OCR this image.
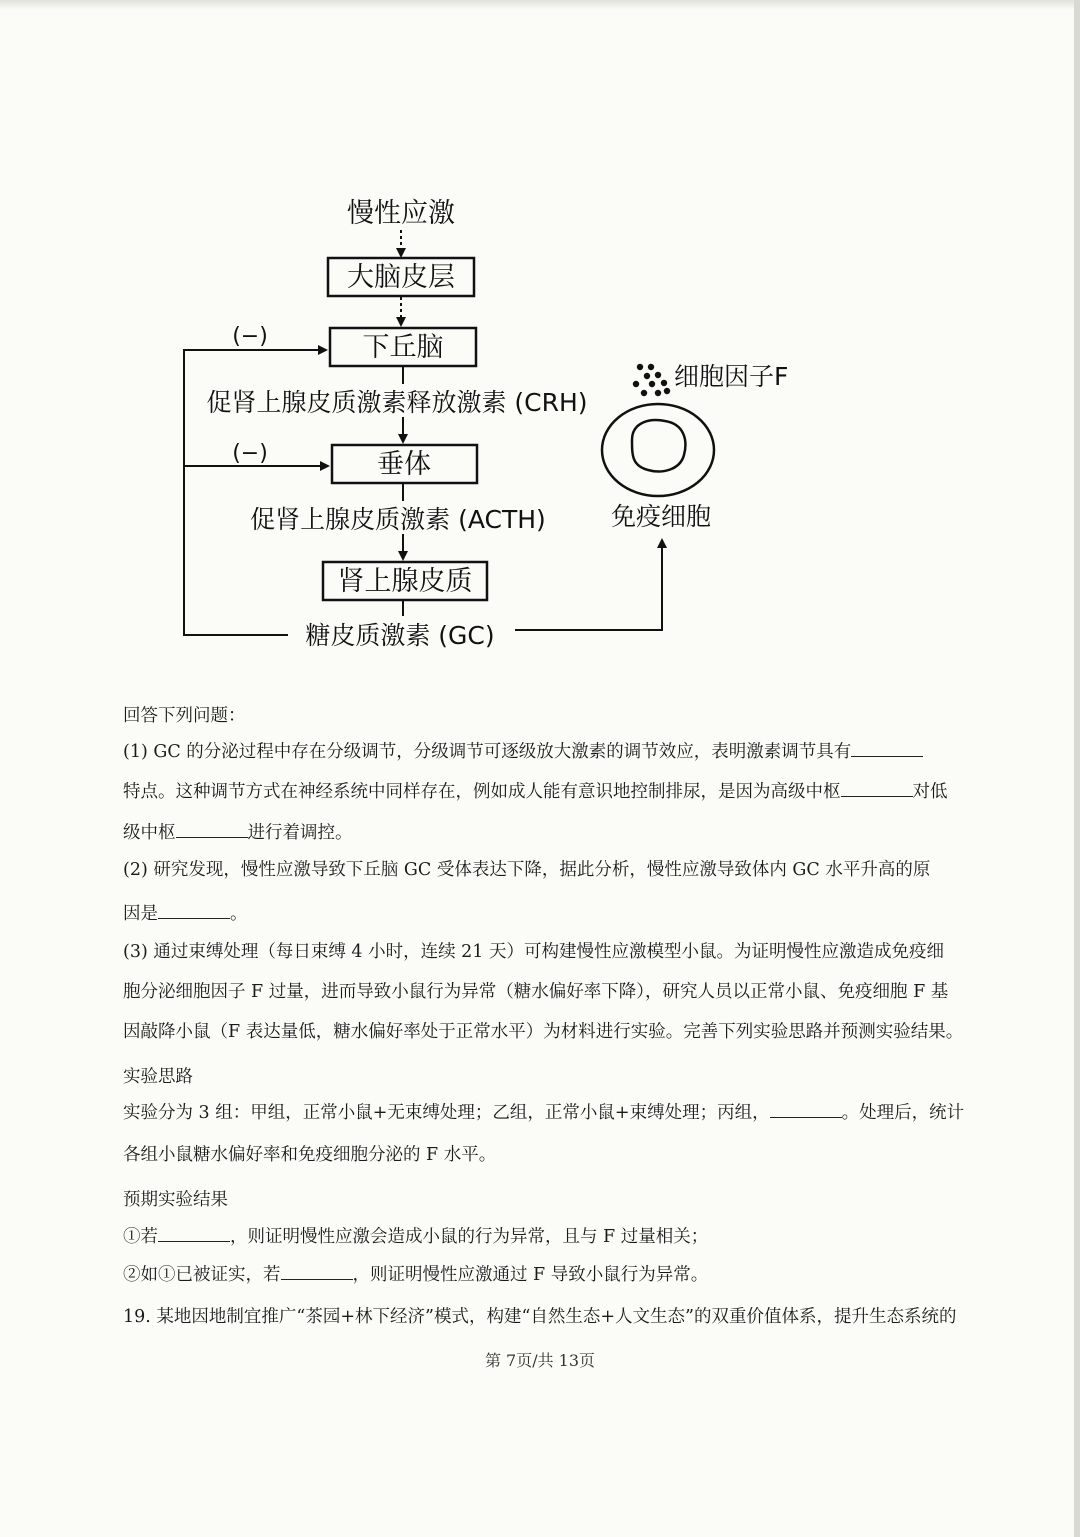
慢性应激
大脑皮层
下丘脑
促肾上腺皮质激素释放激素 (CRH)
垂体
促肾上腺皮质激素 (ACTH)
肾上腺皮质
糖皮质激素 (GC)
(−)
(−)
免疫细胞
细胞因子F
回答下列问题：
(1) GC 的分泌过程中存在分级调节，分级调节可逐级放大激素的调节效应，表明激素调节具有
特点。这种调节方式在神经系统中同样存在，例如成人能有意识地控制排尿，是因为高级中枢	对低
级中枢	进行着调控。
(2) 研究发现，慢性应激导致下丘脑 GC 受体表达下降，据此分析，慢性应激导致体内 GC 水平升高的原
因是	。
(3) 通过束缚处理（每日束缚 4 小时，连续 21 天）可构建慢性应激模型小鼠。为证明慢性应激造成免疫细
胞分泌细胞因子 F 过量，进而导致小鼠行为异常（糖水偏好率下降），研究人员以正常小鼠、免疫细胞 F 基
因敲降小鼠（F 表达量低，糖水偏好率处于正常水平）为材料进行实验。完善下列实验思路并预测实验结果。
实验思路
实验分为 3 组：甲组，正常小鼠+无束缚处理；乙组，正常小鼠+束缚处理；丙组，	。处理后，统计
各组小鼠糖水偏好率和免疫细胞分泌的 F 水平。
预期实验结果
①若	，则证明慢性应激会造成小鼠的行为异常，且与 F 过量相关；
②如①已被证实，若	，则证明慢性应激通过 F 导致小鼠行为异常。
19. 某地因地制宜推广“茶园+林下经济”模式，构建“自然生态+人文生态”的双重价值体系，提升生态系统的
第 7页/共 13页
